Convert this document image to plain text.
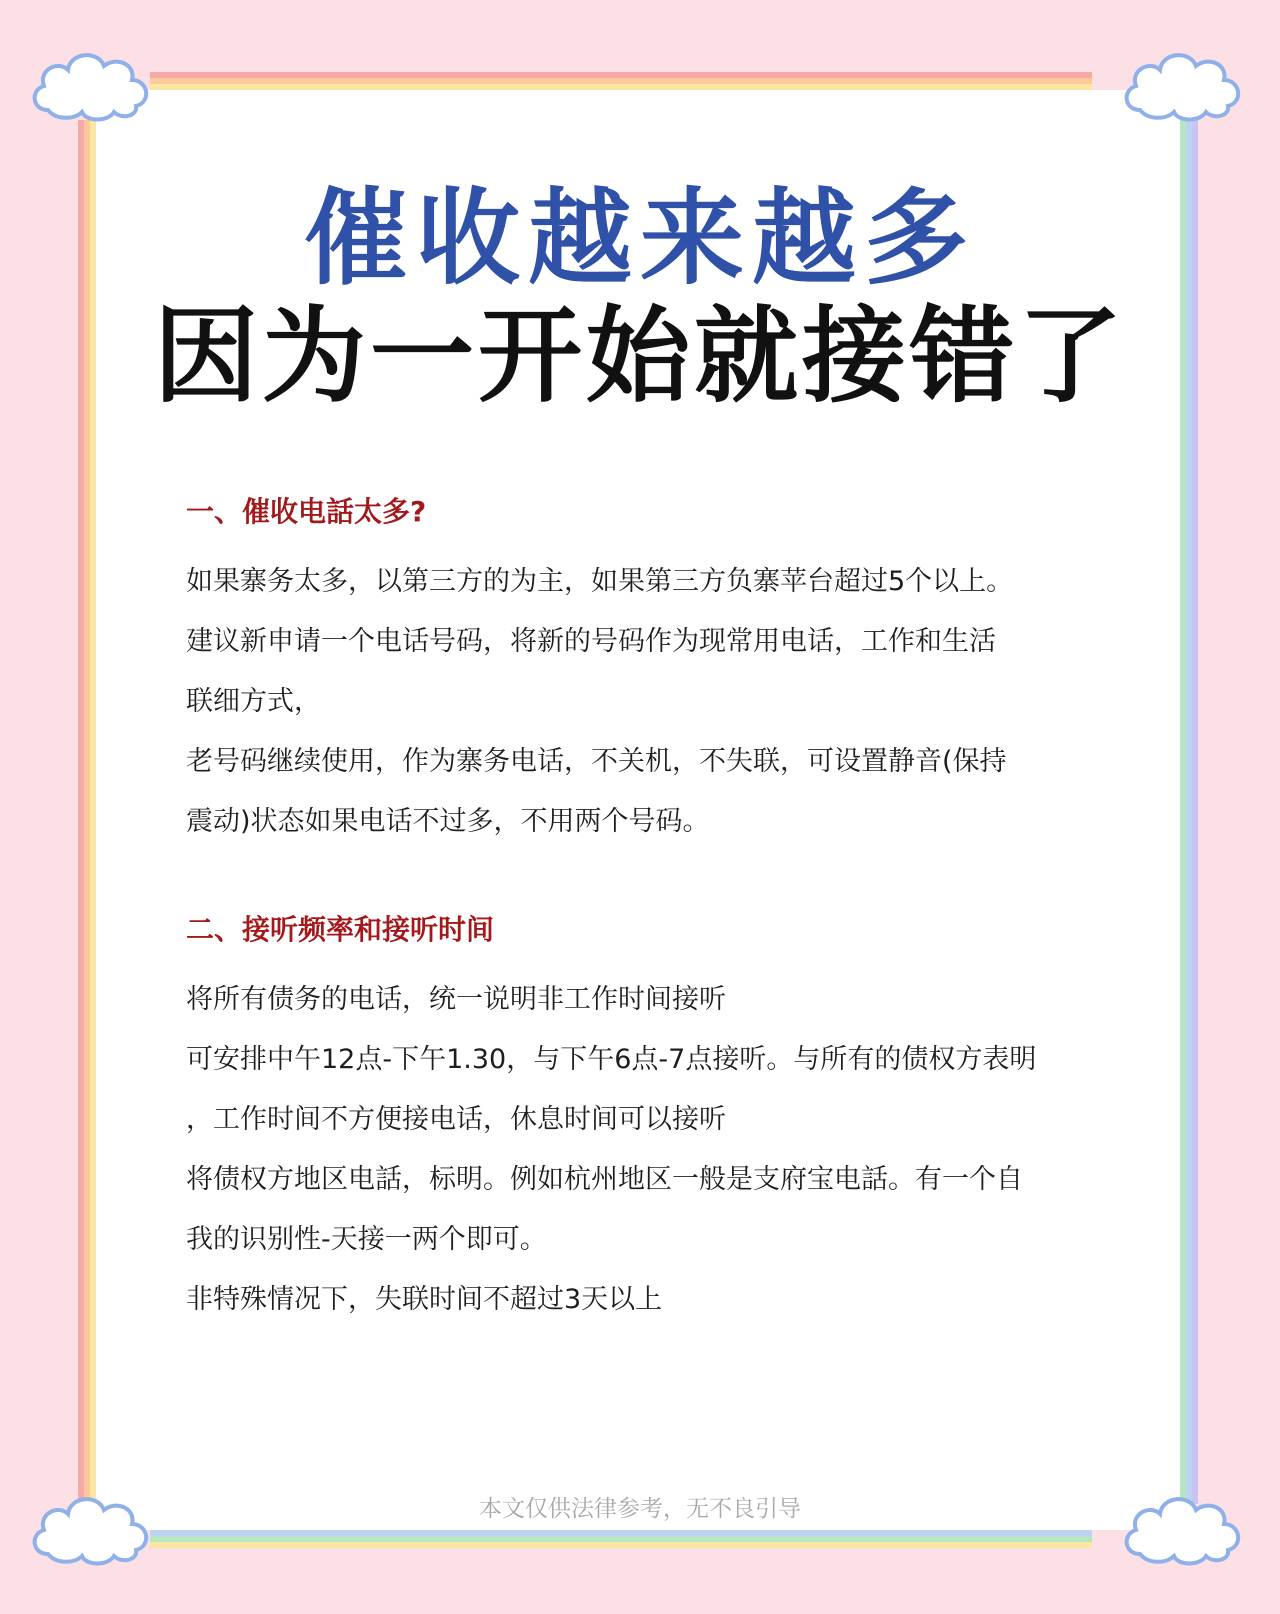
催收越来越多
因为一开始就接错了
一、催收电話太多?

如果寨务太多，以第三方的为主，如果第三方负寨苹台超过5个以上。

建议新申请一个电话号码，将新的号码作为现常用电话，工作和生活

联细方式，

老号码继续使用，作为寨务电话，不关机，不失联，可设置静音(保持

震动)状态如果电话不过多，不用两个号码。

二、接听频率和接听时间

将所有债务的电话，统一说明非工作时间接听

可安排中午12点-下午1.30，与下午6点-7点接听。与所有的债权方表明

，工作时间不方便接电话，休息时间可以接听

将债权方地区电話，标明。例如杭州地区一般是支府宝电話。有一个自

我的识别性-天接一两个即可。

非特殊情况下，失联时间不超过3天以上

本文仅供法律参考，无不良引导
